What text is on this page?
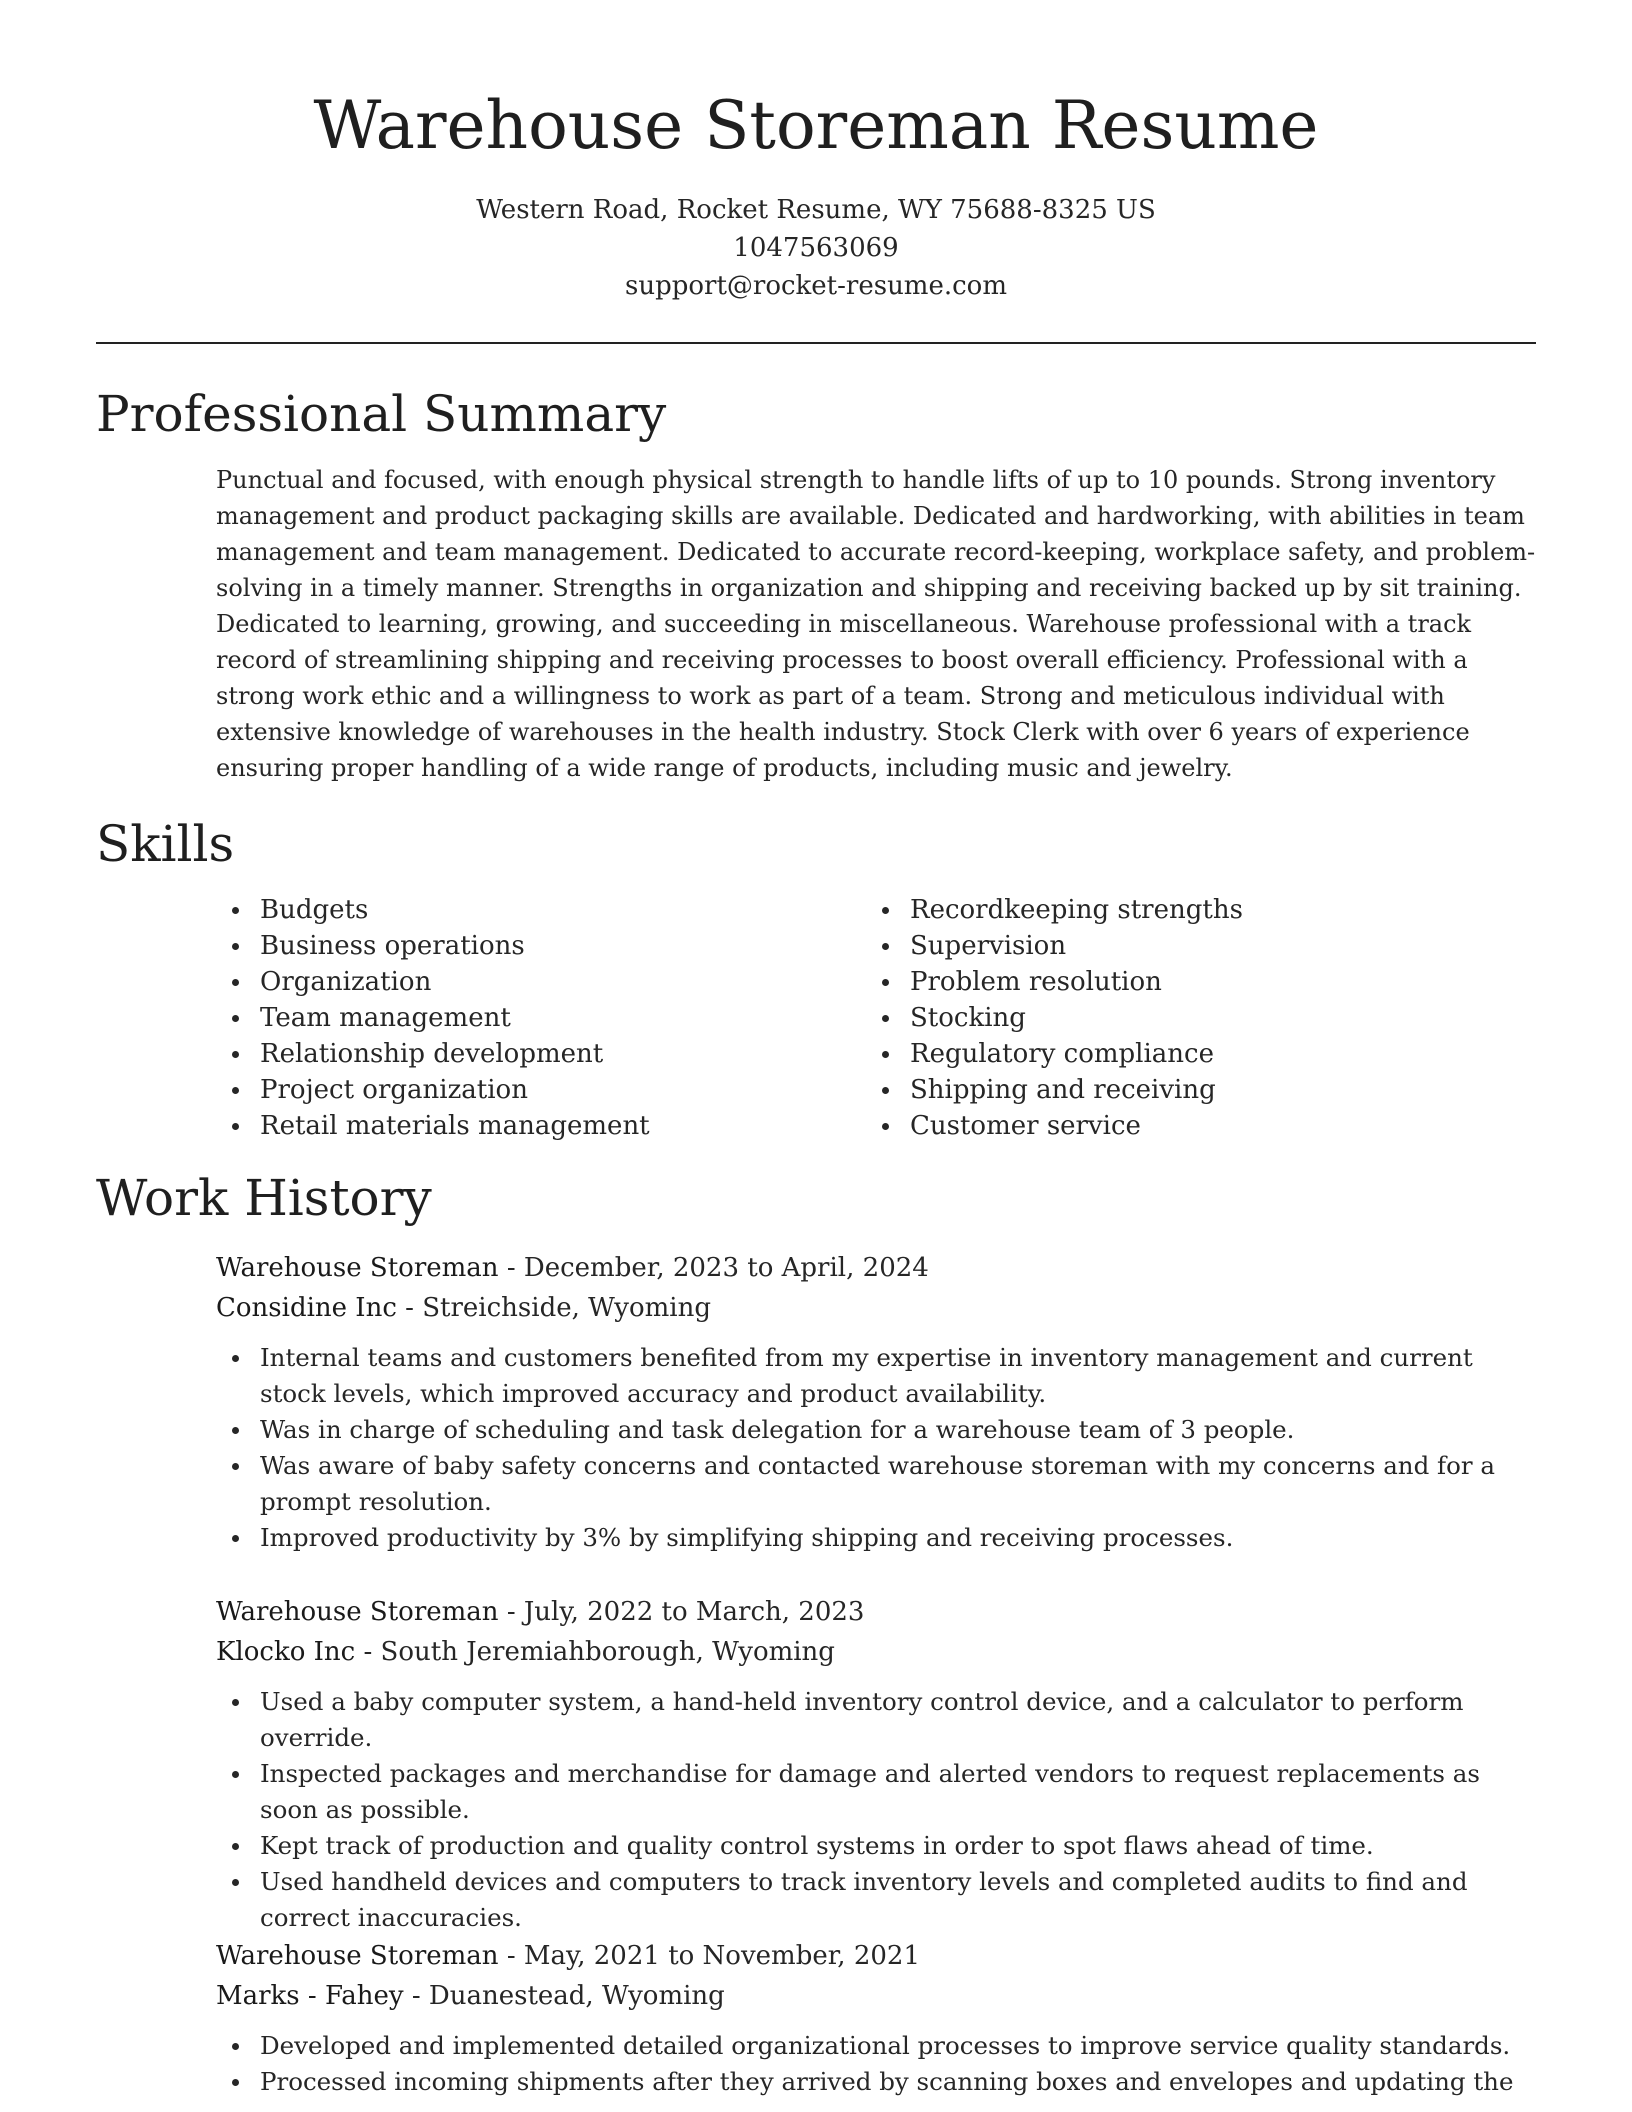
Warehouse Storeman Resume
Western Road, Rocket Resume, WY 75688-8325 US
1047563069
support@rocket-resume.com
Professional Summary

Punctual and focused, with enough physical strength to handle lifts of up to 10 pounds. Strong inventory management and product packaging skills are available. Dedicated and hardworking, with abilities in team management and team management. Dedicated to accurate record-keeping, workplace safety, and problem-solving in a timely manner. Strengths in organization and shipping and receiving backed up by sit training. Dedicated to learning, growing, and succeeding in miscellaneous. Warehouse professional with a track record of streamlining shipping and receiving processes to boost overall efficiency. Professional with a strong work ethic and a willingness to work as part of a team. Strong and meticulous individual with extensive knowledge of warehouses in the health industry. Stock Clerk with over 6 years of experience ensuring proper handling of a wide range of products, including music and jewelry.

Skills
Budgets
Business operations
Organization
Team management
Relationship development
Project organization
Retail materials management
Recordkeeping strengths
Supervision
Problem resolution
Stocking
Regulatory compliance
Shipping and receiving
Customer service
Work History
Warehouse Storeman - December, 2023 to April, 2024
Considine Inc - Streichside, Wyoming
Internal teams and customers benefited from my expertise in inventory management and current stock levels, which improved accuracy and product availability.
Was in charge of scheduling and task delegation for a warehouse team of 3 people.
Was aware of baby safety concerns and contacted warehouse storeman with my concerns and for a prompt resolution.
Improved productivity by 3% by simplifying shipping and receiving processes.
Warehouse Storeman - July, 2022 to March, 2023
Klocko Inc - South Jeremiahborough, Wyoming
Used a baby computer system, a hand-held inventory control device, and a calculator to perform override.
Inspected packages and merchandise for damage and alerted vendors to request replacements as soon as possible.
Kept track of production and quality control systems in order to spot flaws ahead of time.
Used handheld devices and computers to track inventory levels and completed audits to find and correct inaccuracies.
Warehouse Storeman - May, 2021 to November, 2021
Marks - Fahey - Duanestead, Wyoming
Developed and implemented detailed organizational processes to improve service quality standards.
Processed incoming shipments after they arrived by scanning boxes and envelopes and updating the
